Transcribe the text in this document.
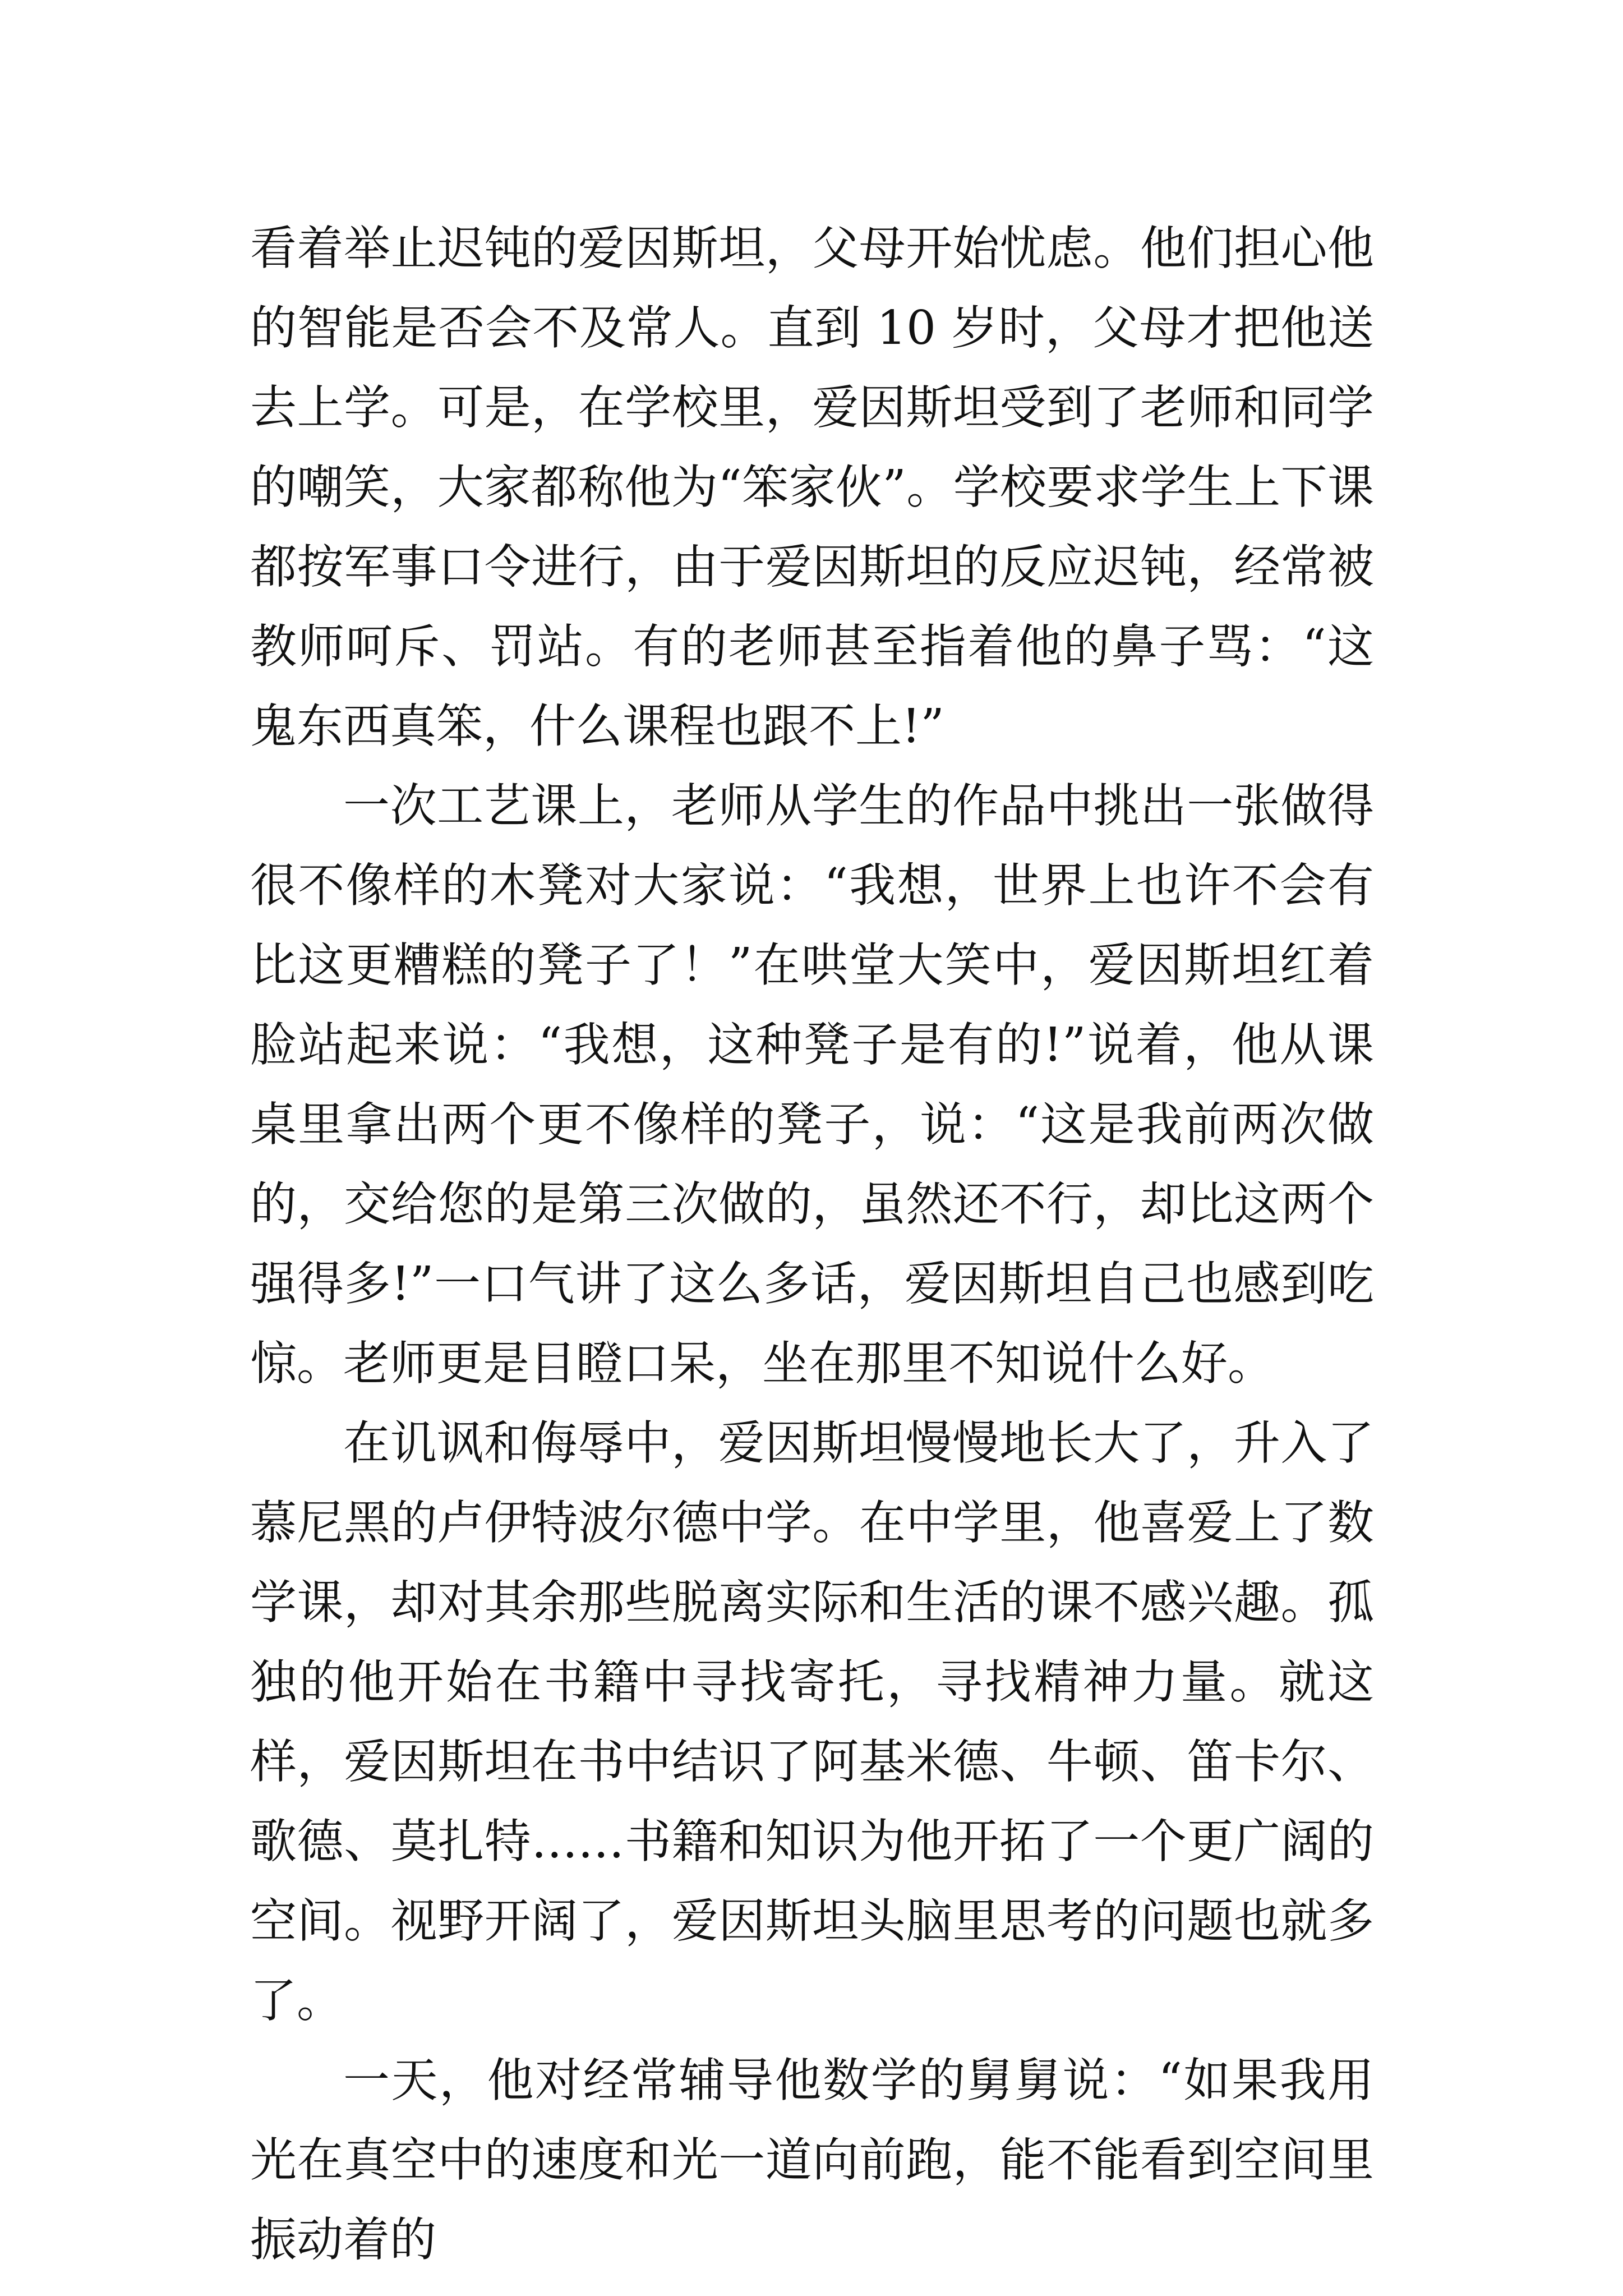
看着举止迟钝的爱因斯坦，父母开始忧虑。他们担心他的智能是否会不及常人。直到 10 岁时，父母才把他送去上学。可是，在学校里，爱因斯坦受到了老师和同学的嘲笑，大家都称他为“笨家伙”。学校要求学生上下课都按军事口令进行，由于爱因斯坦的反应迟钝，经常被教师呵斥、罚站。有的老师甚至指着他的鼻子骂：“这鬼东西真笨，什么课程也跟不上!”

一次工艺课上，老师从学生的作品中挑出一张做得很不像样的木凳对大家说：“我想，世界上也许不会有比这更糟糕的凳子了！”在哄堂大笑中，爱因斯坦红着脸站起来说：“我想，这种凳子是有的!”说着，他从课桌里拿出两个更不像样的凳子，说：“这是我前两次做的，交给您的是第三次做的，虽然还不行，却比这两个强得多!”一口气讲了这么多话，爱因斯坦自己也感到吃惊。老师更是目瞪口呆，坐在那里不知说什么好。

在讥讽和侮辱中，爱因斯坦慢慢地长大了，升入了慕尼黑的卢伊特波尔德中学。在中学里，他喜爱上了数学课，却对其余那些脱离实际和生活的课不感兴趣。孤独的他开始在书籍中寻找寄托，寻找精神力量。就这样，爱因斯坦在书中结识了阿基米德、牛顿、笛卡尔、歌德、莫扎特……书籍和知识为他开拓了一个更广阔的空间。视野开阔了，爱因斯坦头脑里思考的问题也就多了。

一天，他对经常辅导他数学的舅舅说：“如果我用光在真空中的速度和光一道向前跑，能不能看到空间里振动着的
